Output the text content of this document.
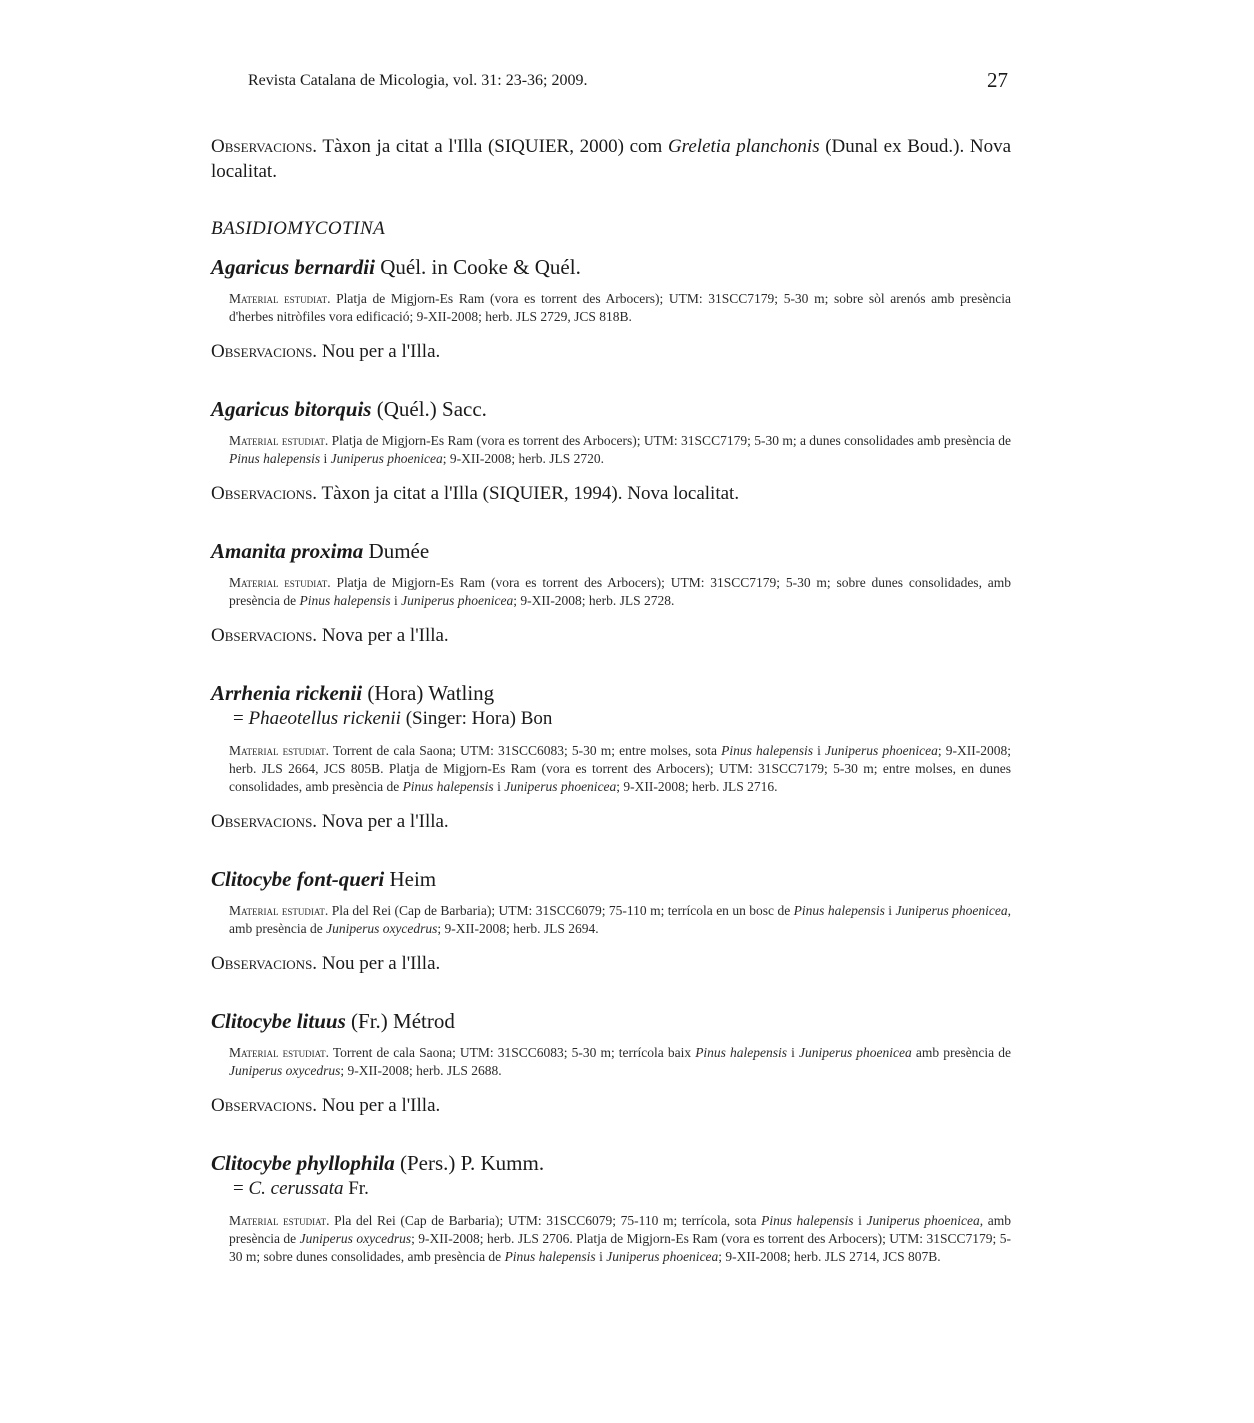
Revista Catalana de Micologia, vol. 31: 23-36; 2009.	27

Observacions. Tàxon ja citat a l'Illa (SIQUIER, 2000) com Greletia planchonis (Dunal ex Boud.). Nova localitat.

BASIDIOMYCOTINA

Agaricus bernardii Quél. in Cooke & Quél.

Material estudiat. Platja de Migjorn-Es Ram (vora es torrent des Arbocers); UTM: 31SCC7179; 5-30 m; sobre sòl arenós amb presència d'herbes nitròfiles vora edificació; 9-XII-2008; herb. JLS 2729, JCS 818B.

Observacions. Nou per a l'Illa.

Agaricus bitorquis (Quél.) Sacc.

Material estudiat. Platja de Migjorn-Es Ram (vora es torrent des Arbocers); UTM: 31SCC7179; 5-30 m; a dunes consolidades amb presència de Pinus halepensis i Juniperus phoenicea; 9-XII-2008; herb. JLS 2720.

Observacions. Tàxon ja citat a l'Illa (SIQUIER, 1994). Nova localitat.

Amanita proxima Dumée

Material estudiat. Platja de Migjorn-Es Ram (vora es torrent des Arbocers); UTM: 31SCC7179; 5-30 m; sobre dunes consolidades, amb presència de Pinus halepensis i Juniperus phoenicea; 9-XII-2008; herb. JLS 2728.

Observacions. Nova per a l'Illa.

Arrhenia rickenii (Hora) Watling

= Phaeotellus rickenii (Singer: Hora) Bon

Material estudiat. Torrent de cala Saona; UTM: 31SCC6083; 5-30 m; entre molses, sota Pinus halepensis i Juniperus phoenicea; 9-XII-2008; herb. JLS 2664, JCS 805B. Platja de Migjorn-Es Ram (vora es torrent des Arbocers); UTM: 31SCC7179; 5-30 m; entre molses, en dunes consolidades, amb presència de Pinus halepensis i Juniperus phoenicea; 9-XII-2008; herb. JLS 2716.

Observacions. Nova per a l'Illa.

Clitocybe font-queri Heim

Material estudiat. Pla del Rei (Cap de Barbaria); UTM: 31SCC6079; 75-110 m; terrícola en un bosc de Pinus halepensis i Juniperus phoenicea, amb presència de Juniperus oxycedrus; 9-XII-2008; herb. JLS 2694.

Observacions. Nou per a l'Illa.

Clitocybe lituus (Fr.) Métrod

Material estudiat. Torrent de cala Saona; UTM: 31SCC6083; 5-30 m; terrícola baix Pinus halepensis i Juniperus phoenicea amb presència de Juniperus oxycedrus; 9-XII-2008; herb. JLS 2688.

Observacions. Nou per a l'Illa.

Clitocybe phyllophila (Pers.) P. Kumm.

= C. cerussata Fr.

Material estudiat. Pla del Rei (Cap de Barbaria); UTM: 31SCC6079; 75-110 m; terrícola, sota Pinus halepensis i Juniperus phoenicea, amb presència de Juniperus oxycedrus; 9-XII-2008; herb. JLS 2706. Platja de Migjorn-Es Ram (vora es torrent des Arbocers); UTM: 31SCC7179; 5-30 m; sobre dunes consolidades, amb presència de Pinus halepensis i Juniperus phoenicea; 9-XII-2008; herb. JLS 2714, JCS 807B.
